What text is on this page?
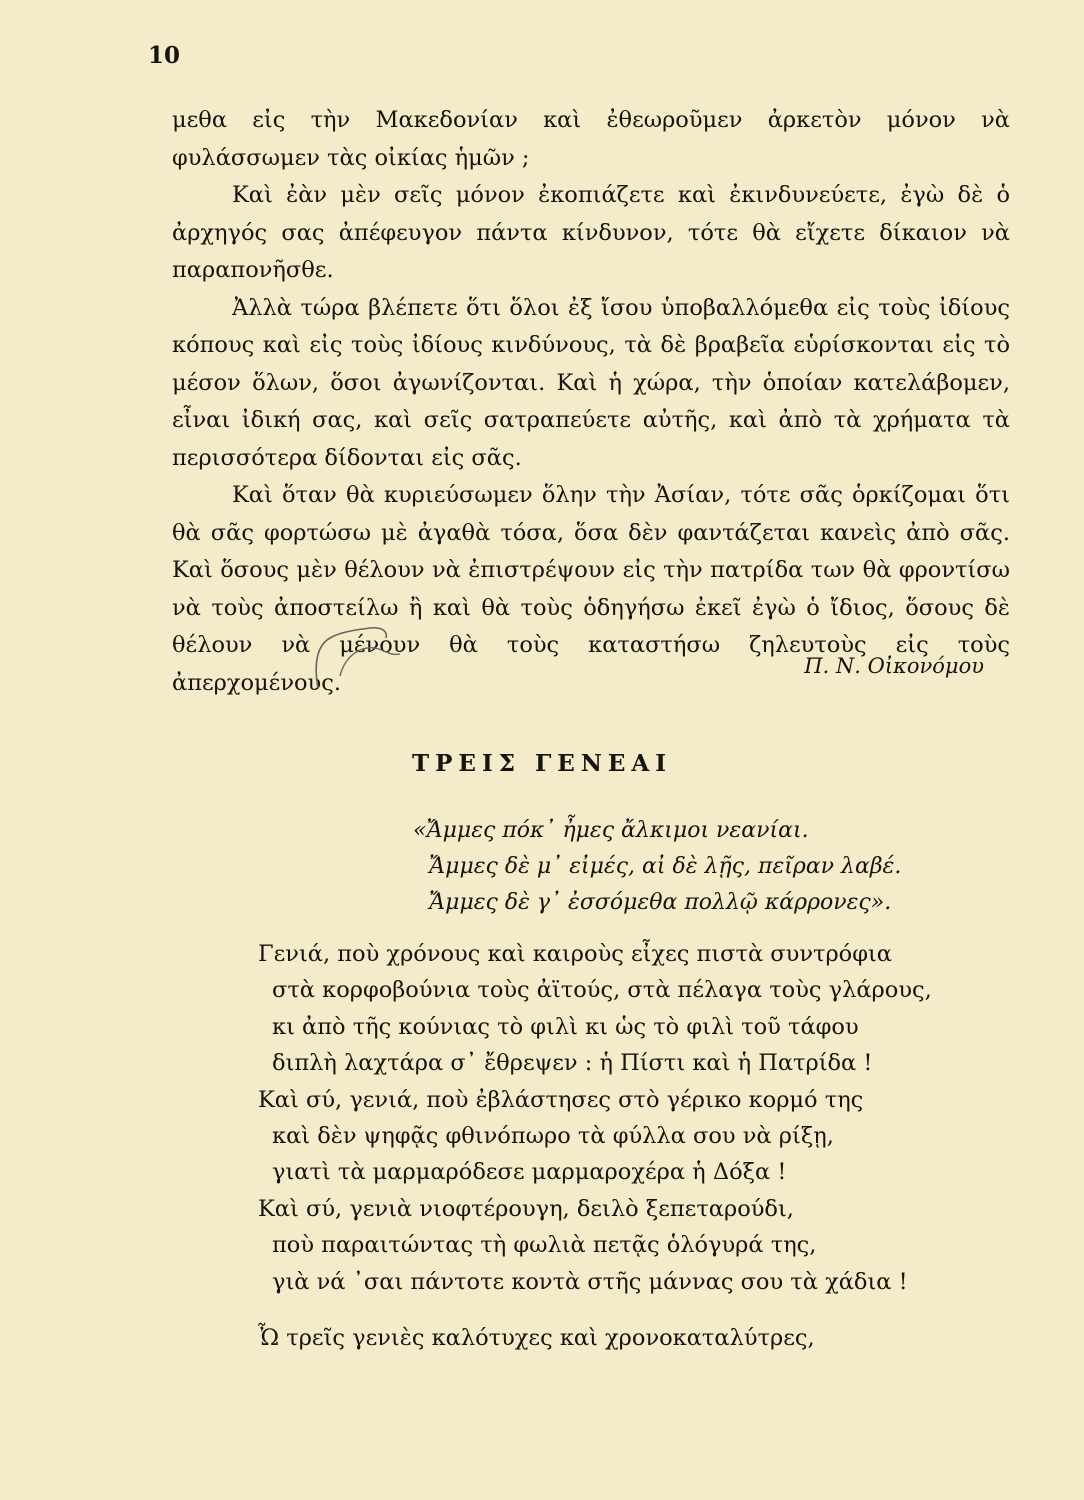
10

μεθα εἰς τὴν Μακεδονίαν καὶ ἐθεωροῦμεν ἀρκετὸν μόνον νὰ φυλάσσωμεν τὰς οἰκίας ἡμῶν ;

Καὶ ἐὰν μὲν σεῖς μόνον ἐκοπιάζετε καὶ ἐκινδυνεύετε, ἐγὼ δὲ ὁ ἀρχηγός σας ἀπέφευγον πάντα κίνδυνον, τότε θὰ εἴχετε δίκαιον νὰ παραπονῆσθε.

Ἀλλὰ τώρα βλέπετε ὅτι ὅλοι ἐξ ἴσου ὑποβαλλόμεθα εἰς τοὺς ἰδίους κόπους καὶ εἰς τοὺς ἰδίους κινδύνους, τὰ δὲ βραβεῖα εὑρίσκονται εἰς τὸ μέσον ὅλων, ὅσοι ἀγωνίζονται. Καὶ ἡ χώρα, τὴν ὁποίαν κατελάβομεν, εἶναι ἰδική σας, καὶ σεῖς σατραπεύετε αὐτῆς, καὶ ἀπὸ τὰ χρήματα τὰ περισσότερα δίδονται εἰς σᾶς.

Καὶ ὅταν θὰ κυριεύσωμεν ὅλην τὴν Ἀσίαν, τότε σᾶς ὁρκίζομαι ὅτι θὰ σᾶς φορτώσω μὲ ἀγαθὰ τόσα, ὅσα δὲν φαντάζεται κανεὶς ἀπὸ σᾶς. Καὶ ὅσους μὲν θέλουν νὰ ἐπιστρέψουν εἰς τὴν πατρίδα των θὰ φροντίσω νὰ τοὺς ἀποστείλω ἢ καὶ θὰ τοὺς ὁδηγήσω ἐκεῖ ἐγὼ ὁ ἴδιος, ὅσους δὲ θέλουν νὰ μένουν θὰ τοὺς καταστήσω ζηλευτοὺς εἰς τοὺς ἀπερχομένους.

Π. Ν. Οἰκονόμου
ΤΡΕΙΣ ΓΕΝΕΑΙ
«Ἄμμες πόκ᾿ ἦμες ἄλκιμοι νεανίαι.
Ἄμμες δὲ μ᾿ εἰμές, αἰ δὲ λῇς, πεῖραν λαβέ.
Ἄμμες δὲ γ᾿ ἐσσόμεθα πολλῷ κάρρονες».
Γενιά, ποὺ χρόνους καὶ καιροὺς εἶχες πιστὰ συντρόφια
στὰ κορφοβούνια τοὺς ἀϊτούς, στὰ πέλαγα τοὺς γλάρους,
κι ἀπὸ τῆς κούνιας τὸ φιλὶ κι ὡς τὸ φιλὶ τοῦ τάφου
διπλὴ λαχτάρα σ᾿ ἔθρεψεν : ἡ Πίστι καὶ ἡ Πατρίδα !
Καὶ σύ, γενιά, ποὺ ἐβλάστησες στὸ γέρικο κορμό της
καὶ δὲν ψηφᾷς φθινόπωρο τὰ φύλλα σου νὰ ρίξῃ,
γιατὶ τὰ μαρμαρόδεσε μαρμαροχέρα ἡ Δόξα !
Καὶ σύ, γενιὰ νιοφτέρουγη, δειλὸ ξεπεταρούδι,
ποὺ παραιτώντας τὴ φωλιὰ πετᾷς ὁλόγυρά της,
γιὰ νά ᾿σαι πάντοτε κοντὰ στῆς μάννας σου τὰ χάδια !
Ὦ τρεῖς γενιὲς καλότυχες καὶ χρονοκαταλύτρες,
